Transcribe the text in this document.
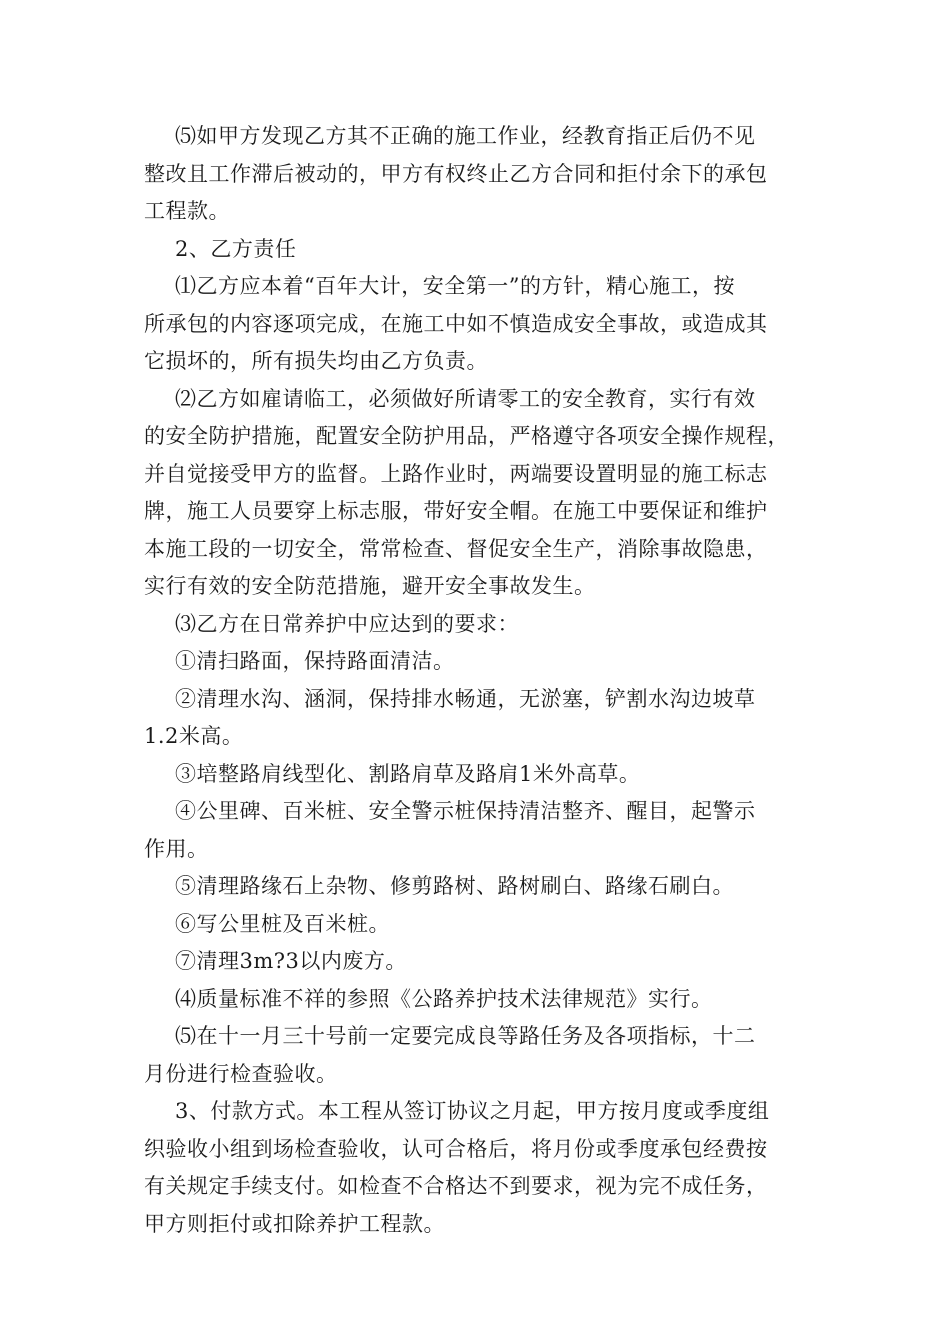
⑸如甲方发现乙方其不正确的施工作业，经教育指正后仍不见
整改且工作滞后被动的，甲方有权终止乙方合同和拒付余下的承包
工程款。
2、乙方责任
⑴乙方应本着“百年大计，安全第一”的方针，精心施工，按
所承包的内容逐项完成，在施工中如不慎造成安全事故，或造成其
它损坏的，所有损失均由乙方负责。
⑵乙方如雇请临工，必须做好所请零工的安全教育，实行有效
的安全防护措施，配置安全防护用品，严格遵守各项安全操作规程，
并自觉接受甲方的监督。上路作业时，两端要设置明显的施工标志
牌，施工人员要穿上标志服，带好安全帽。在施工中要保证和维护
本施工段的一切安全，常常检查、督促安全生产，消除事故隐患，
实行有效的安全防范措施，避开安全事故发生。
⑶乙方在日常养护中应达到的要求：
①清扫路面，保持路面清洁。
②清理水沟、涵洞，保持排水畅通，无淤塞，铲割水沟边坡草
1.2米高。
③培整路肩线型化、割路肩草及路肩1米外高草。
④公里碑、百米桩、安全警示桩保持清洁整齐、醒目，起警示
作用。
⑤清理路缘石上杂物、修剪路树、路树刷白、路缘石刷白。
⑥写公里桩及百米桩。
⑦清理3m?3以内废方。
⑷质量标准不祥的参照《公路养护技术法律规范》实行。
⑸在十一月三十号前一定要完成良等路任务及各项指标，十二
月份进行检查验收。
3、付款方式。本工程从签订协议之月起，甲方按月度或季度组
织验收小组到场检查验收，认可合格后，将月份或季度承包经费按
有关规定手续支付。如检查不合格达不到要求，视为完不成任务，
甲方则拒付或扣除养护工程款。
